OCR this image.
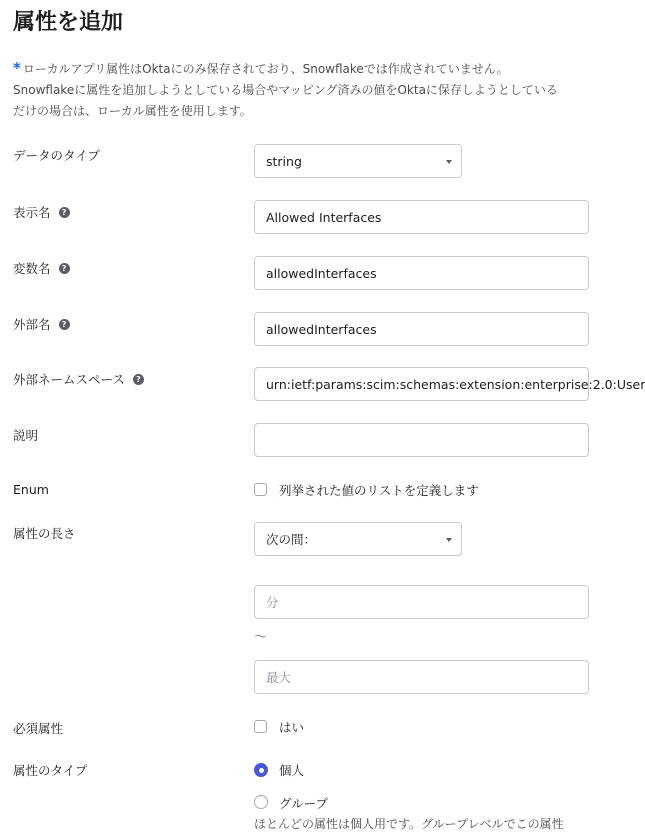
属性を追加
* ローカルアプリ属性はOktaにのみ保存されており、Snowflakeでは作成されていません。
Snowflakeに属性を追加しようとしている場合やマッピング済みの値をOktaに保存しようとしている
だけの場合は、ローカル属性を使用します。
データのタイプ	string
表示名	?	Allowed Interfaces
変数名	?	allowedInterfaces
外部名	?	allowedInterfaces
外部ネームスペース	?	urn:ietf:params:scim:schemas:extension:enterprise:2.0:User
説明
Enum	列挙された値のリストを定義します
属性の長さ	次の間：
分
〜
最大
必須属性	はい
属性のタイプ	個人
グループ
ほとんどの属性は個人用です。グループレベルでこの属性
